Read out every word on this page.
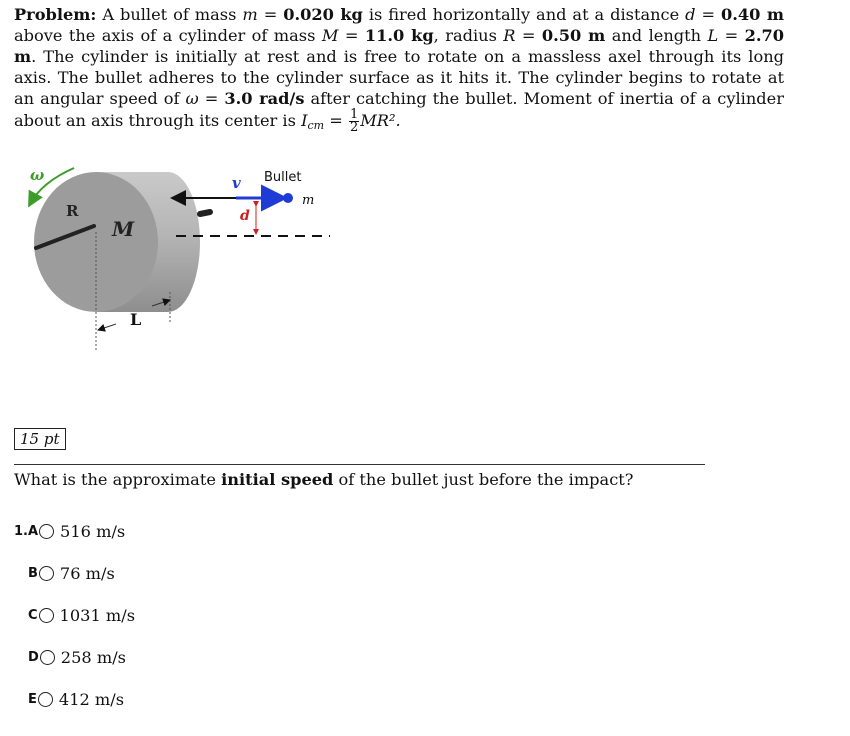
Problem: A bullet of mass m = 0.020 kg is fired horizontally and at a distance d = 0.40 m above the axis of a cylinder of mass M = 11.0 kg, radius R = 0.50 m and length L = 2.70 m. The cylinder is initially at rest and is free to rotate on a massless axel through its long axis. The bullet adheres to the cylinder surface as it hits it. The cylinder begins to rotate at an angular speed of ω = 3.0 rad/s after catching the bullet. Moment of inertia of a cylinder about an axis through its center is $I_{cm} = \frac{1}{2} MR^2$.
ω
R
M
L
v Bullet
m
d
15 pt
What is the approximate initial speed of the bullet just before the impact?
1.A 516 m/s
B 76 m/s
C 1031 m/s
D 258 m/s
E 412 m/s
